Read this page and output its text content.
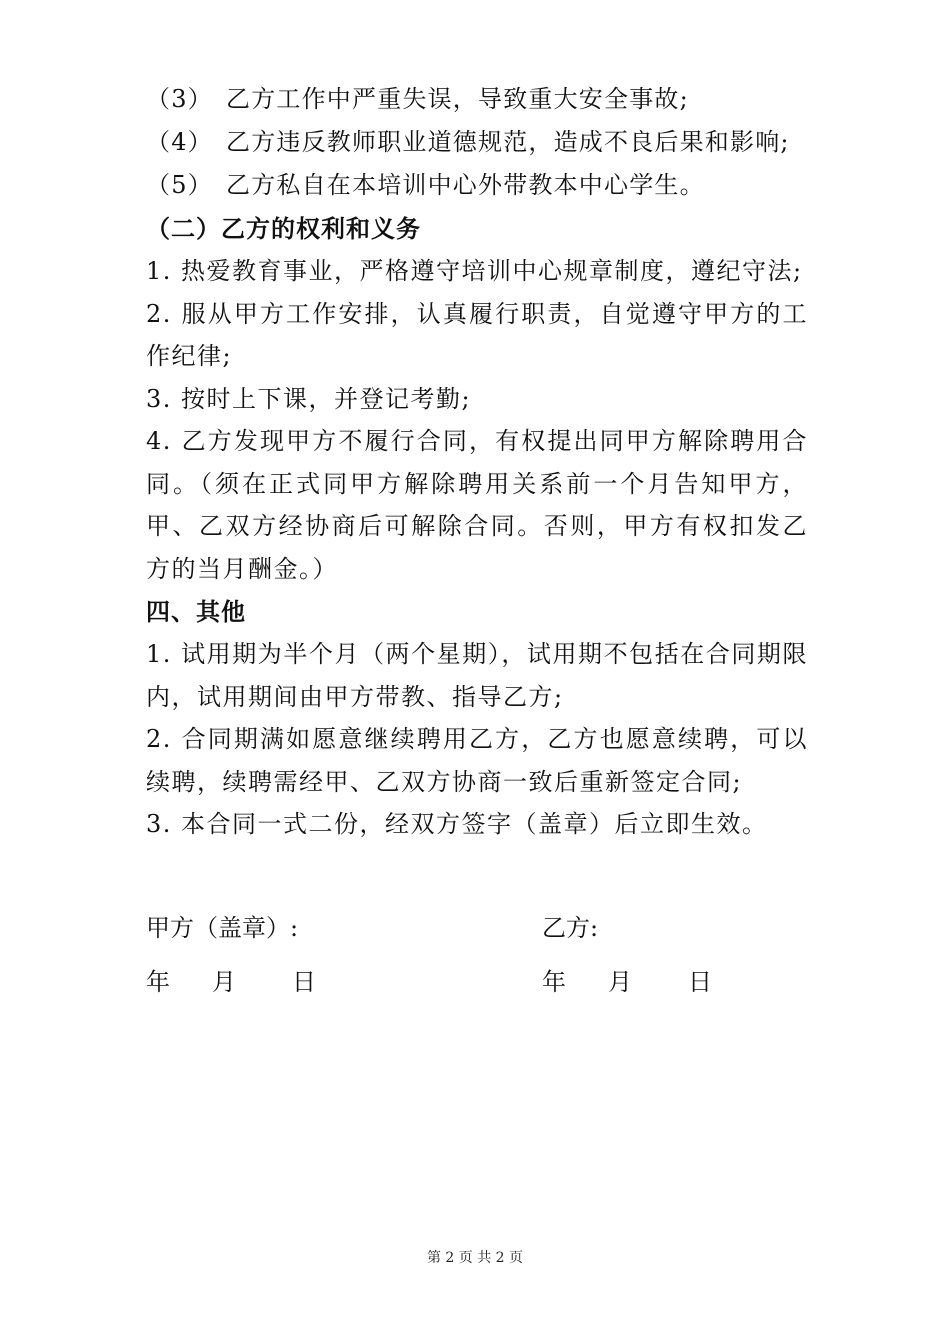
（3） 乙方工作中严重失误，导致重大安全事故;
（4） 乙方违反教师职业道德规范，造成不良后果和影响;
（5） 乙方私自在本培训中心外带教本中心学生。
（二）乙方的权利和义务
1. 热爱教育事业，严格遵守培训中心规章制度，遵纪守法;
2. 服从甲方工作安排，认真履行职责，自觉遵守甲方的工作纪律;
3. 按时上下课，并登记考勤;
4. 乙方发现甲方不履行合同，有权提出同甲方解除聘用合同。（须在正式同甲方解除聘用关系前一个月告知甲方，甲、乙双方经协商后可解除合同。否则，甲方有权扣发乙方的当月酬金。）
四、其他
1. 试用期为半个月（两个星期），试用期不包括在合同期限内，试用期间由甲方带教、指导乙方;
2. 合同期满如愿意继续聘用乙方，乙方也愿意续聘，可以续聘，续聘需经甲、乙双方协商一致后重新签定合同;
3. 本合同一式二份，经双方签字（盖章）后立即生效。
甲方（盖章）:	乙方:
年 月 日	年 月 日
第 2 页 共 2 页
